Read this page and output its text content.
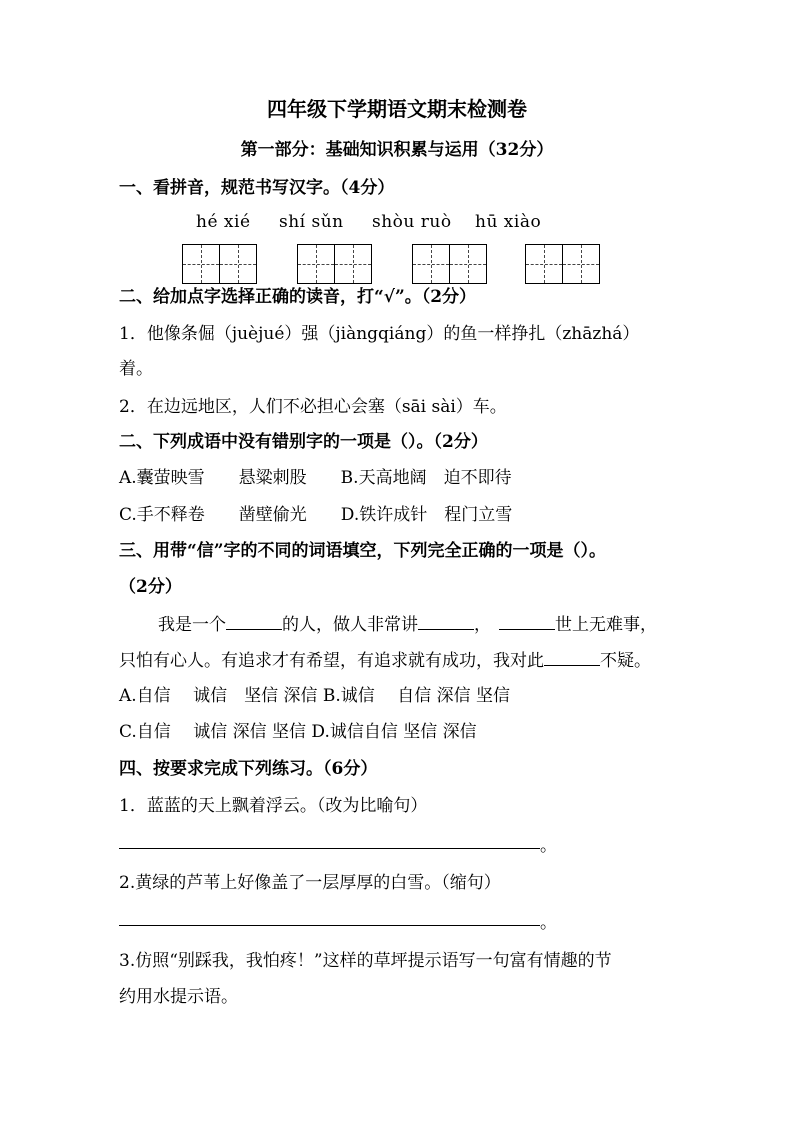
四年级下学期语文期末检测卷
第一部分：基础知识积累与运用（32分）
一、看拼音，规范书写汉字。（4分）
hé xié shí sǔn shòu ruò hū xiào
二、给加点字选择正确的读音，打“√”。（2分）
1．他像条倔（juèjué）强（jiàngqiáng）的鱼一样挣扎（zhāzhá）
着。
2．在边远地区，人们不必担心会塞（sāi sài）车。
二、下列成语中没有错别字的一项是（）。（2分）
A.囊萤映雪　　悬粱刺股　　B.天高地阔　迫不即待
C.手不释卷　　凿壁偷光　　D.铁许成针　程门立雪
三、用带“信”字的不同的词语填空，下列完全正确的一项是（）。
（2分）
我是一个	的人，做人非常讲	，	世上无难事，
只怕有心人。有追求才有希望，有追求就有成功，我对此	不疑。
A.自信　 诚信　坚信 深信 B.诚信　 自信 深信 坚信
C.自信　 诚信 深信 坚信 D.诚信自信 坚信 深信
四、按要求完成下列练习。（6分）
1．蓝蓝的天上飘着浮云。（改为比喻句）
。
2.黄绿的芦苇上好像盖了一层厚厚的白雪。（缩句）
。
3.仿照“别踩我，我怕疼！”这样的草坪提示语写一句富有情趣的节
约用水提示语。
